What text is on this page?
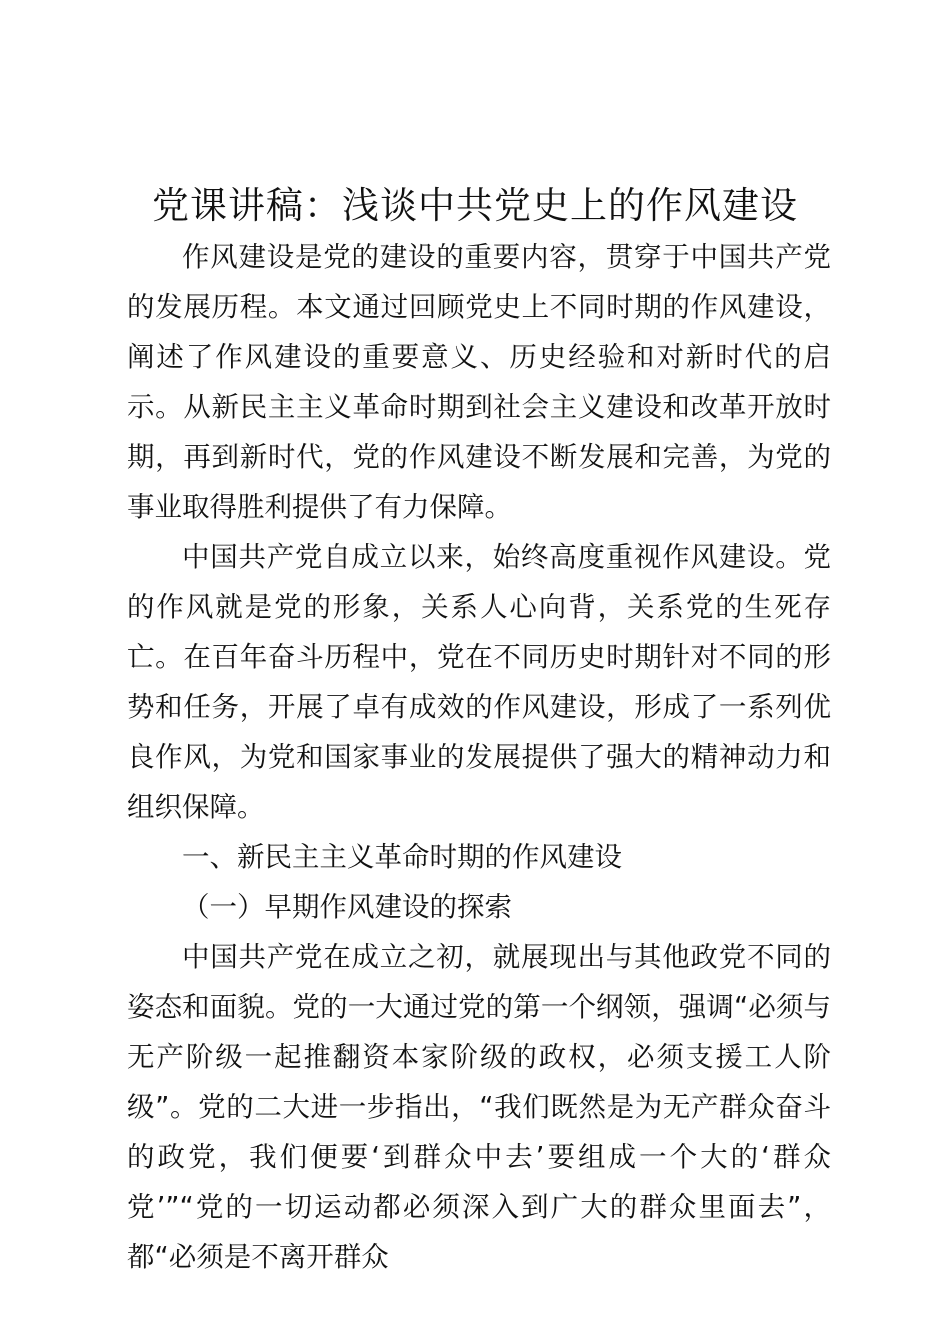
党课讲稿：浅谈中共党史上的作风建设

作风建设是党的建设的重要内容，贯穿于中国共产党的发展历程。本文通过回顾党史上不同时期的作风建设，阐述了作风建设的重要意义、历史经验和对新时代的启示。从新民主主义革命时期到社会主义建设和改革开放时期，再到新时代，党的作风建设不断发展和完善，为党的事业取得胜利提供了有力保障。

中国共产党自成立以来，始终高度重视作风建设。党的作风就是党的形象，关系人心向背，关系党的生死存亡。在百年奋斗历程中，党在不同历史时期针对不同的形势和任务，开展了卓有成效的作风建设，形成了一系列优良作风，为党和国家事业的发展提供了强大的精神动力和组织保障。

一、新民主主义革命时期的作风建设

（一）早期作风建设的探索

中国共产党在成立之初，就展现出与其他政党不同的姿态和面貌。党的一大通过党的第一个纲领，强调“必须与无产阶级一起推翻资本家阶级的政权，必须支援工人阶级”。党的二大进一步指出，“我们既然是为无产群众奋斗的政党，我们便要‘到群众中去’要组成一个大的‘群众党’”“党的一切运动都必须深入到广大的群众里面去”，都“必须是不离开群众
